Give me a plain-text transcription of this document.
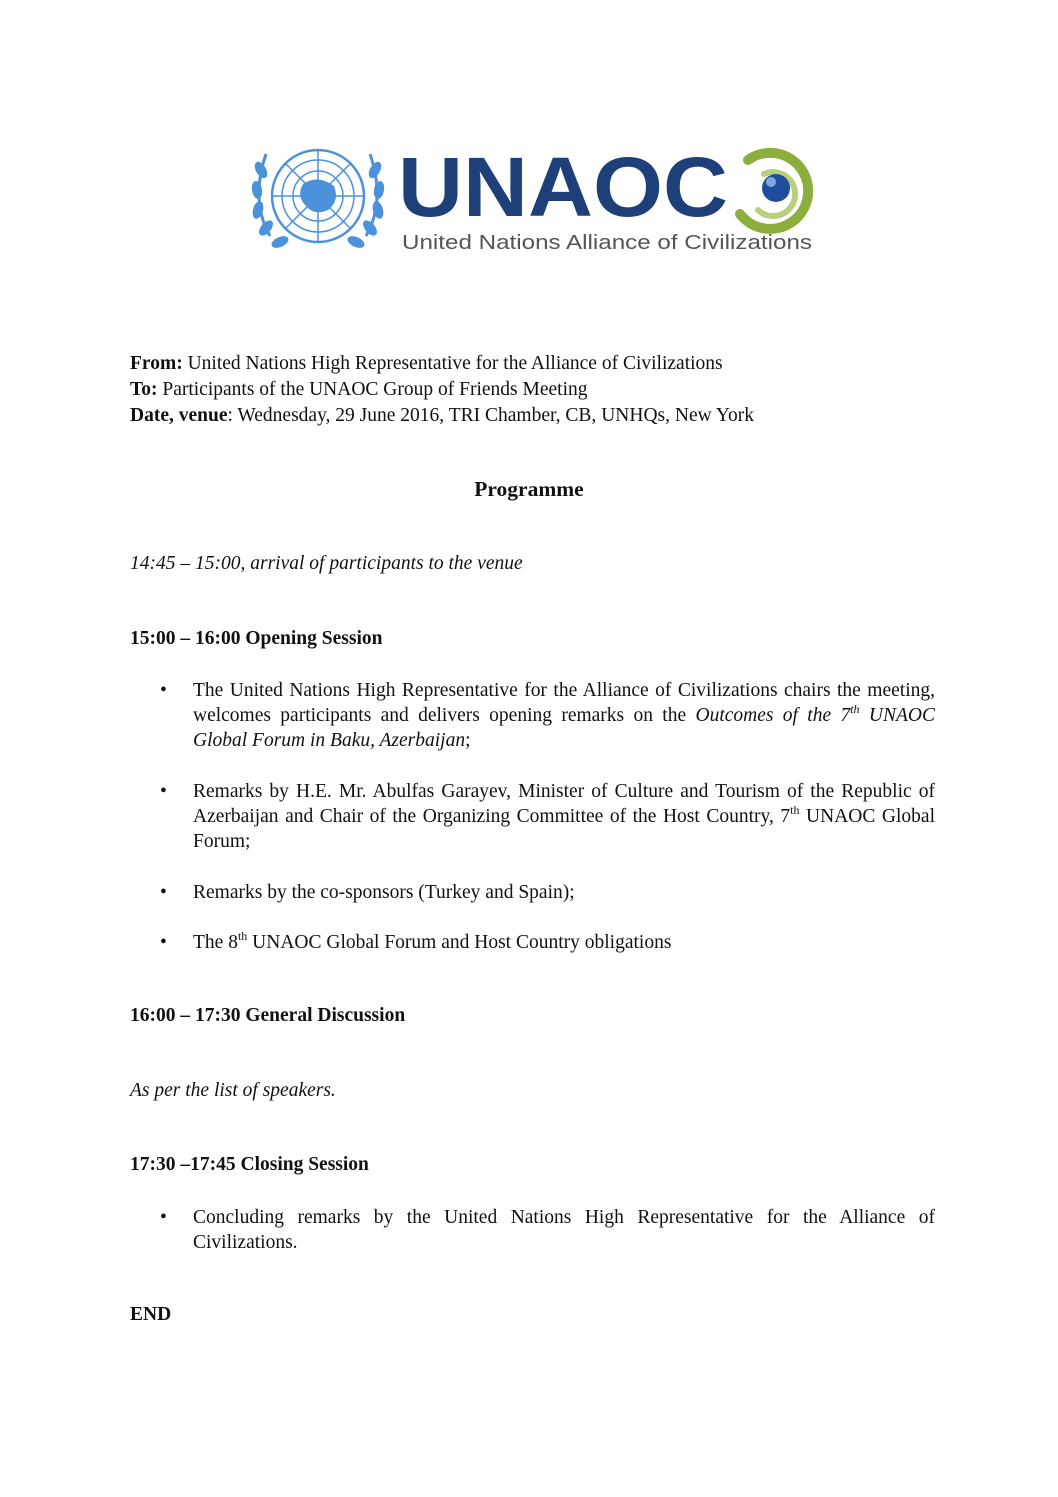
UNAOC
United Nations Alliance of Civilizations
From: United Nations High Representative for the Alliance of Civilizations
To: Participants of the UNAOC Group of Friends Meeting
Date, venue: Wednesday, 29 June 2016, TRI Chamber, CB, UNHQs, New York
Programme
14:45 – 15:00, arrival of participants to the venue
15:00 – 16:00 Opening Session
•	The United Nations High Representative for the Alliance of Civilizations chairs the meeting, welcomes participants and delivers opening remarks on the Outcomes of the 7th UNAOC Global Forum in Baku, Azerbaijan;
•	Remarks by H.E. Mr. Abulfas Garayev, Minister of Culture and Tourism of the Republic of Azerbaijan and Chair of the Organizing Committee of the Host Country, 7th UNAOC Global Forum;
•	Remarks by the co-sponsors (Turkey and Spain);
•	The 8th UNAOC Global Forum and Host Country obligations
16:00 – 17:30 General Discussion
As per the list of speakers.
17:30 –17:45 Closing Session
•	Concluding remarks by the United Nations High Representative for the Alliance of Civilizations.
END
